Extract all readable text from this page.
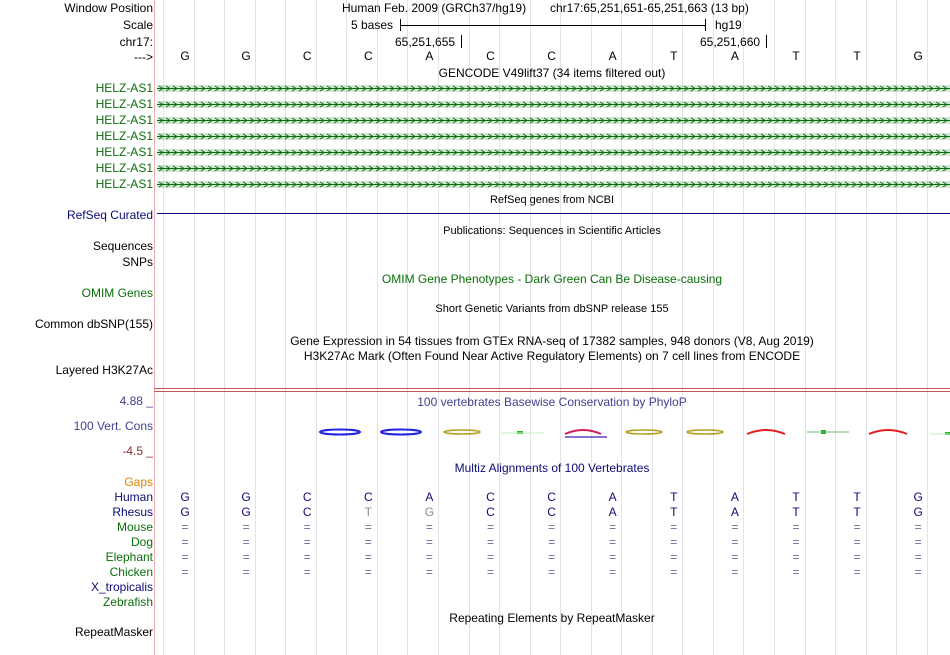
Window Position	Human Feb. 2009 (GRCh37/hg19) chr17:65,251,651-65,251,663 (13 bp)
Scale	5 bases	hg19
chr17:	65,251,655	65,251,660
--->	G	G	C	C	A	C	C	A	T	A	T	T	G
GENCODE V49lift37 (34 items filtered out)
HELZ-AS1
HELZ-AS1
HELZ-AS1
HELZ-AS1
HELZ-AS1
HELZ-AS1
HELZ-AS1
RefSeq Curated
RefSeq genes from NCBI
Publications: Sequences in Scientific Articles
Sequences
SNPs
OMIM Gene Phenotypes - Dark Green Can Be Disease-causing
OMIM Genes
Short Genetic Variants from dbSNP release 155
Common dbSNP(155)
Gene Expression in 54 tissues from GTEx RNA-seq of 17382 samples, 948 donors (V8, Aug 2019)
H3K27Ac Mark (Often Found Near Active Regulatory Elements) on 7 cell lines from ENCODE
Layered H3K27Ac
100 vertebrates Basewise Conservation by PhyloP
4.88 _
100 Vert. Cons
-4.5 _
Multiz Alignments of 100 Vertebrates
Gaps
Human	G	G	C	C	A	C	C	A	T	A	T	T	G
Rhesus	G	G	C	T	G	C	C	A	T	A	T	T	G
Mouse	=	=	=	=	=	=	=	=	=	=	=	=	=
Dog	=	=	=	=	=	=	=	=	=	=	=	=	=
Elephant	=	=	=	=	=	=	=	=	=	=	=	=	=
Chicken	=	=	=	=	=	=	=	=	=	=	=	=	=
X_tropicalis
Zebrafish
Repeating Elements by RepeatMasker
RepeatMasker
